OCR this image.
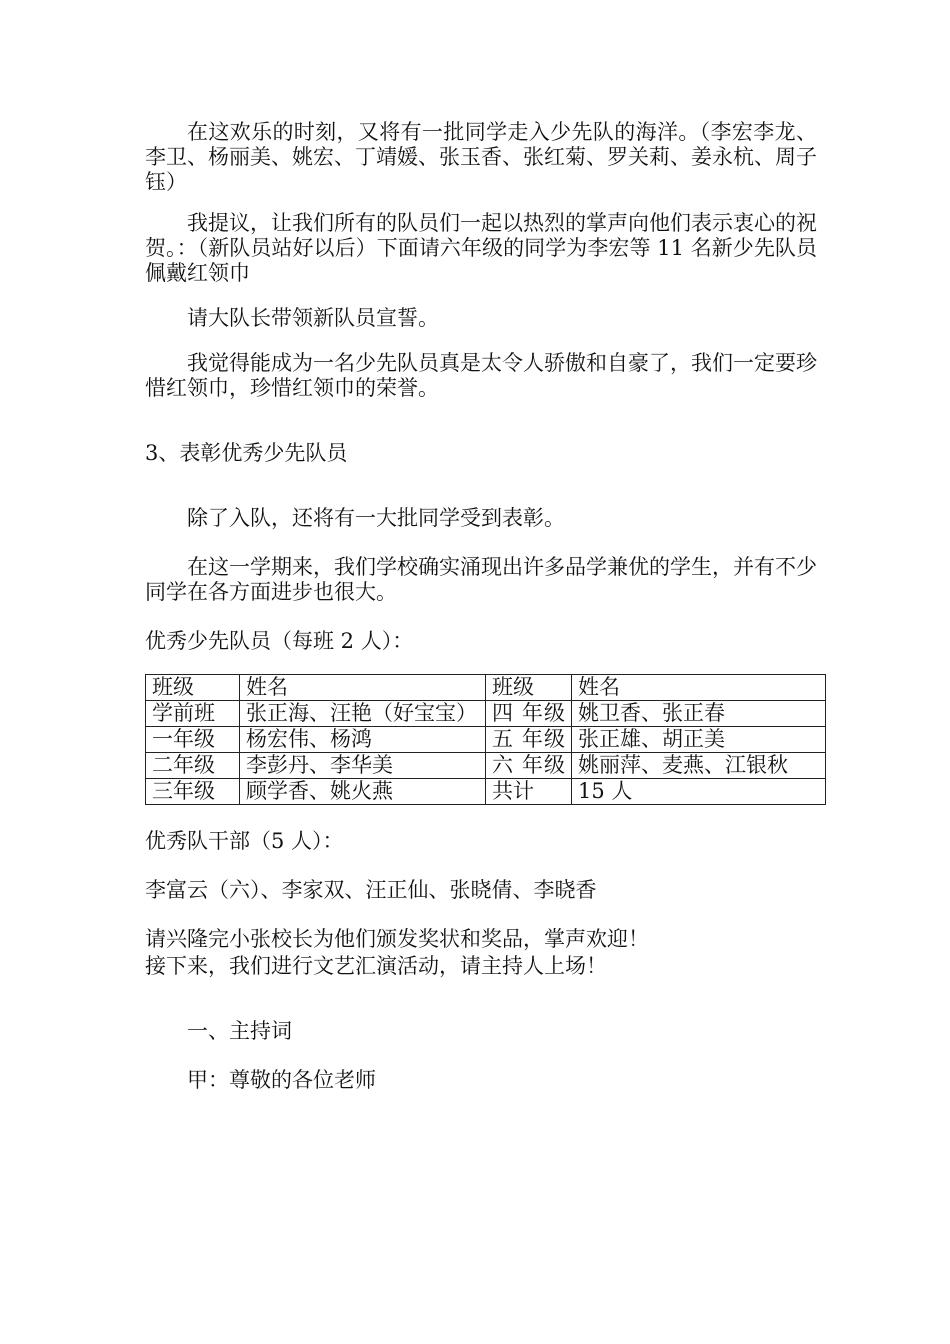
在这欢乐的时刻，又将有一批同学走入少先队的海洋。（李宏李龙、李卫、杨丽美、姚宏、丁靖媛、张玉香、张红菊、罗关莉、姜永杭、周子钰）

我提议，让我们所有的队员们一起以热烈的掌声向他们表示衷心的祝贺。：（新队员站好以后）下面请六年级的同学为李宏等 11 名新少先队员佩戴红领巾

请大队长带领新队员宣誓。

我觉得能成为一名少先队员真是太令人骄傲和自豪了，我们一定要珍惜红领巾，珍惜红领巾的荣誉。

3、表彰优秀少先队员

除了入队，还将有一大批同学受到表彰。

在这一学期来，我们学校确实涌现出许多品学兼优的学生，并有不少同学在各方面进步也很大。

优秀少先队员（每班 2 人）：

班级	姓名	班级	姓名
学前班	张正海、汪艳（好宝宝）	四 年级	姚卫香、张正春
一年级	杨宏伟、杨鸿	五 年级	张正雄、胡正美
二年级	李彭丹、李华美	六 年级	姚丽萍、麦燕、江银秋
三年级	顾学香、姚火燕	共计	15 人

优秀队干部（5 人）：

李富云（六）、李家双、汪正仙、张晓倩、李晓香

请兴隆完小张校长为他们颁发奖状和奖品，掌声欢迎！

接下来，我们进行文艺汇演活动，请主持人上场！

一、主持词

甲：尊敬的各位老师
